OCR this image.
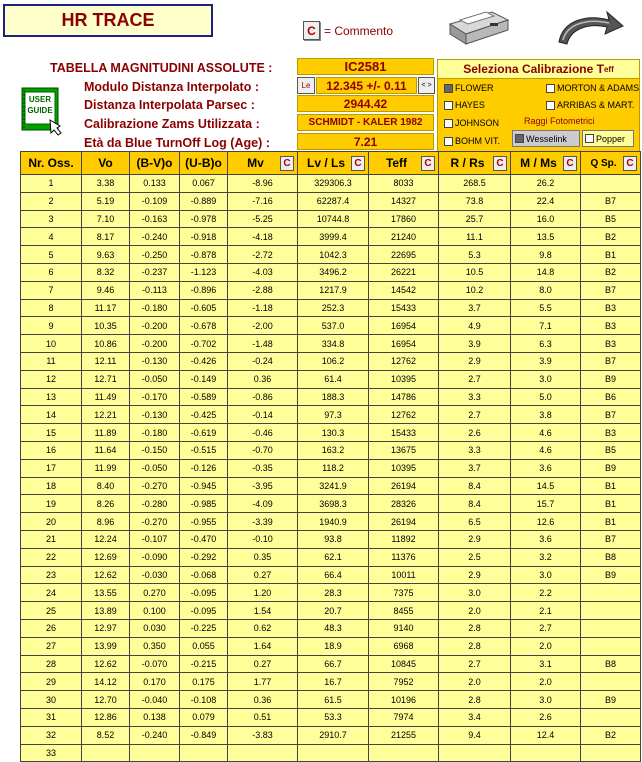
HR TRACE
C = Commento
TABELLA MAGNITUDINI ASSOLUTE :	IC2581
Modulo Distanza Interpolato :	Le	12.345 +/- 0.11	< >
Distanza Interpolata Parsec :	2944.42
Calibrazione Zams Utilizzata :	SCHMIDT - KALER 1982
Età da Blue TurnOff Log (Age) :	7.21
USER GUIDE
Seleziona Calibrazione T eff
FLOWER	MORTON & ADAMS
HAYES	ARRIBAS & MART.
JOHNSON	Raggi Fotometrici
BOHM VIT.	Wesselink	Popper
Nr. Oss.	Vo	(B-V)o	(U-B)o	Mv C	Lv / Ls C	Teff C	R / Rs C	M / Ms C	Q Sp. C

1	3.38	0.133	0.067	-8.96	329306.3	8033	268.5	26.2	
2	5.19	-0.109	-0.889	-7.16	62287.4	14327	73.8	22.4	B7
3	7.10	-0.163	-0.978	-5.25	10744.8	17860	25.7	16.0	B5
4	8.17	-0.240	-0.918	-4.18	3999.4	21240	11.1	13.5	B2
5	9.63	-0.250	-0.878	-2.72	1042.3	22695	5.3	9.8	B1
6	8.32	-0.237	-1.123	-4.03	3496.2	26221	10.5	14.8	B2
7	9.46	-0.113	-0.896	-2.88	1217.9	14542	10.2	8.0	B7
8	11.17	-0.180	-0.605	-1.18	252.3	15433	3.7	5.5	B3
9	10.35	-0.200	-0.678	-2.00	537.0	16954	4.9	7.1	B3
10	10.86	-0.200	-0.702	-1.48	334.8	16954	3.9	6.3	B3
11	12.11	-0.130	-0.426	-0.24	106.2	12762	2.9	3.9	B7
12	12.71	-0.050	-0.149	0.36	61.4	10395	2.7	3.0	B9
13	11.49	-0.170	-0.589	-0.86	188.3	14786	3.3	5.0	B6
14	12.21	-0.130	-0.425	-0.14	97.3	12762	2.7	3.8	B7
15	11.89	-0.180	-0.619	-0.46	130.3	15433	2.6	4.6	B3
16	11.64	-0.150	-0.515	-0.70	163.2	13675	3.3	4.6	B5
17	11.99	-0.050	-0.126	-0.35	118.2	10395	3.7	3.6	B9
18	8.40	-0.270	-0.945	-3.95	3241.9	26194	8.4	14.5	B1
19	8.26	-0.280	-0.985	-4.09	3698.3	28326	8.4	15.7	B1
20	8.96	-0.270	-0.955	-3.39	1940.9	26194	6.5	12.6	B1
21	12.24	-0.107	-0.470	-0.10	93.8	11892	2.9	3.6	B7
22	12.69	-0.090	-0.292	0.35	62.1	11376	2.5	3.2	B8
23	12.62	-0.030	-0.068	0.27	66.4	10011	2.9	3.0	B9
24	13.55	0.270	-0.095	1.20	28.3	7375	3.0	2.2	
25	13.89	0.100	-0.095	1.54	20.7	8455	2.0	2.1	
26	12.97	0.030	-0.225	0.62	48.3	9140	2.8	2.7	
27	13.99	0.350	0.055	1.64	18.9	6968	2.8	2.0	
28	12.62	-0.070	-0.215	0.27	66.7	10845	2.7	3.1	B8
29	14.12	0.170	0.175	1.77	16.7	7952	2.0	2.0	
30	12.70	-0.040	-0.108	0.36	61.5	10196	2.8	3.0	B9
31	12.86	0.138	0.079	0.51	53.3	7974	3.4	2.6	
32	8.52	-0.240	-0.849	-3.83	2910.7	21255	9.4	12.4	B2
33									
